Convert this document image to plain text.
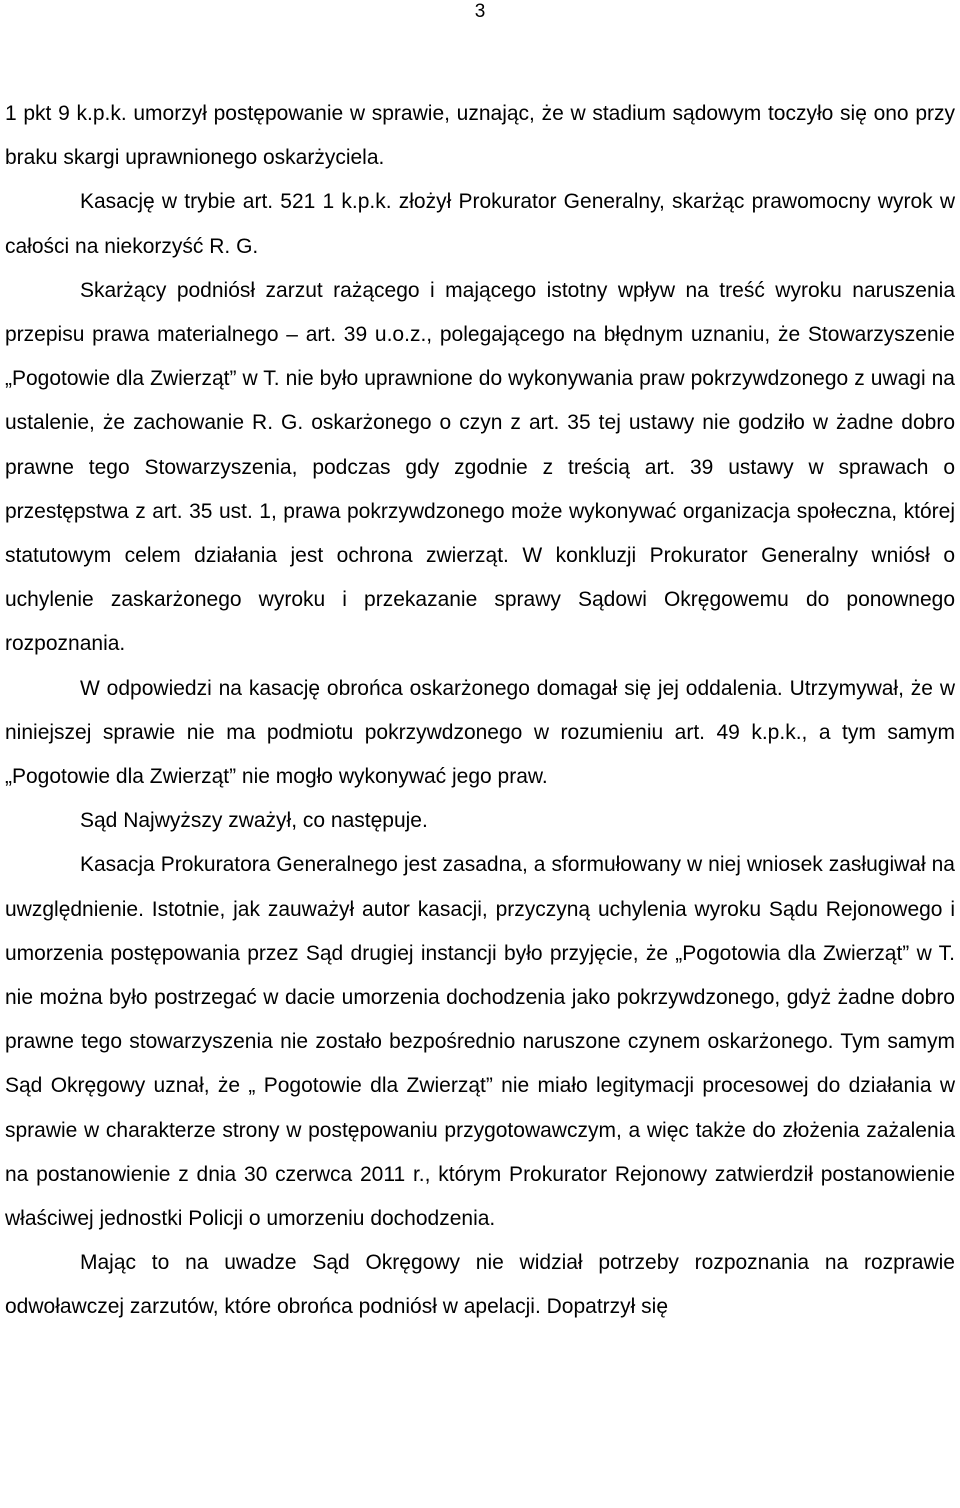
3

1 pkt 9 k.p.k. umorzył postępowanie w sprawie, uznając, że w stadium sądowym toczyło się ono przy braku skargi uprawnionego oskarżyciela.

Kasację w trybie art. 521 1 k.p.k. złożył Prokurator Generalny, skarżąc prawomocny wyrok w całości na niekorzyść R. G.

Skarżący podniósł zarzut rażącego i mającego istotny wpływ na treść wyroku naruszenia przepisu prawa materialnego – art. 39 u.o.z., polegającego na błędnym uznaniu, że Stowarzyszenie „Pogotowie dla Zwierząt” w T. nie było uprawnione do wykonywania praw pokrzywdzonego z uwagi na ustalenie, że zachowanie R. G. oskarżonego o czyn z art. 35 tej ustawy nie godziło w żadne dobro prawne tego Stowarzyszenia, podczas gdy zgodnie z treścią art. 39 ustawy w sprawach o przestępstwa z art. 35 ust. 1, prawa pokrzywdzonego może wykonywać organizacja społeczna, której statutowym celem działania jest ochrona zwierząt. W konkluzji Prokurator Generalny wniósł o uchylenie zaskarżonego wyroku i przekazanie sprawy Sądowi Okręgowemu do ponownego rozpoznania.

W odpowiedzi na kasację obrońca oskarżonego domagał się jej oddalenia. Utrzymywał, że w niniejszej sprawie nie ma podmiotu pokrzywdzonego w rozumieniu art. 49 k.p.k., a tym samym „Pogotowie dla Zwierząt” nie mogło wykonywać jego praw.

Sąd Najwyższy zważył, co następuje.

Kasacja Prokuratora Generalnego jest zasadna, a sformułowany w niej wniosek zasługiwał na uwzględnienie. Istotnie, jak zauważył autor kasacji, przyczyną uchylenia wyroku Sądu Rejonowego i umorzenia postępowania przez Sąd drugiej instancji było przyjęcie, że „Pogotowia dla Zwierząt” w T. nie można było postrzegać w dacie umorzenia dochodzenia jako pokrzywdzonego, gdyż żadne dobro prawne tego stowarzyszenia nie zostało bezpośrednio naruszone czynem oskarżonego. Tym samym Sąd Okręgowy uznał, że „ Pogotowie dla Zwierząt” nie miało legitymacji procesowej do działania w sprawie w charakterze strony w postępowaniu przygotowawczym, a więc także do złożenia zażalenia na postanowienie z dnia 30 czerwca 2011 r., którym Prokurator Rejonowy zatwierdził postanowienie właściwej jednostki Policji o umorzeniu dochodzenia.

Mając to na uwadze Sąd Okręgowy nie widział potrzeby rozpoznania na rozprawie odwoławczej zarzutów, które obrońca podniósł w apelacji. Dopatrzył się
